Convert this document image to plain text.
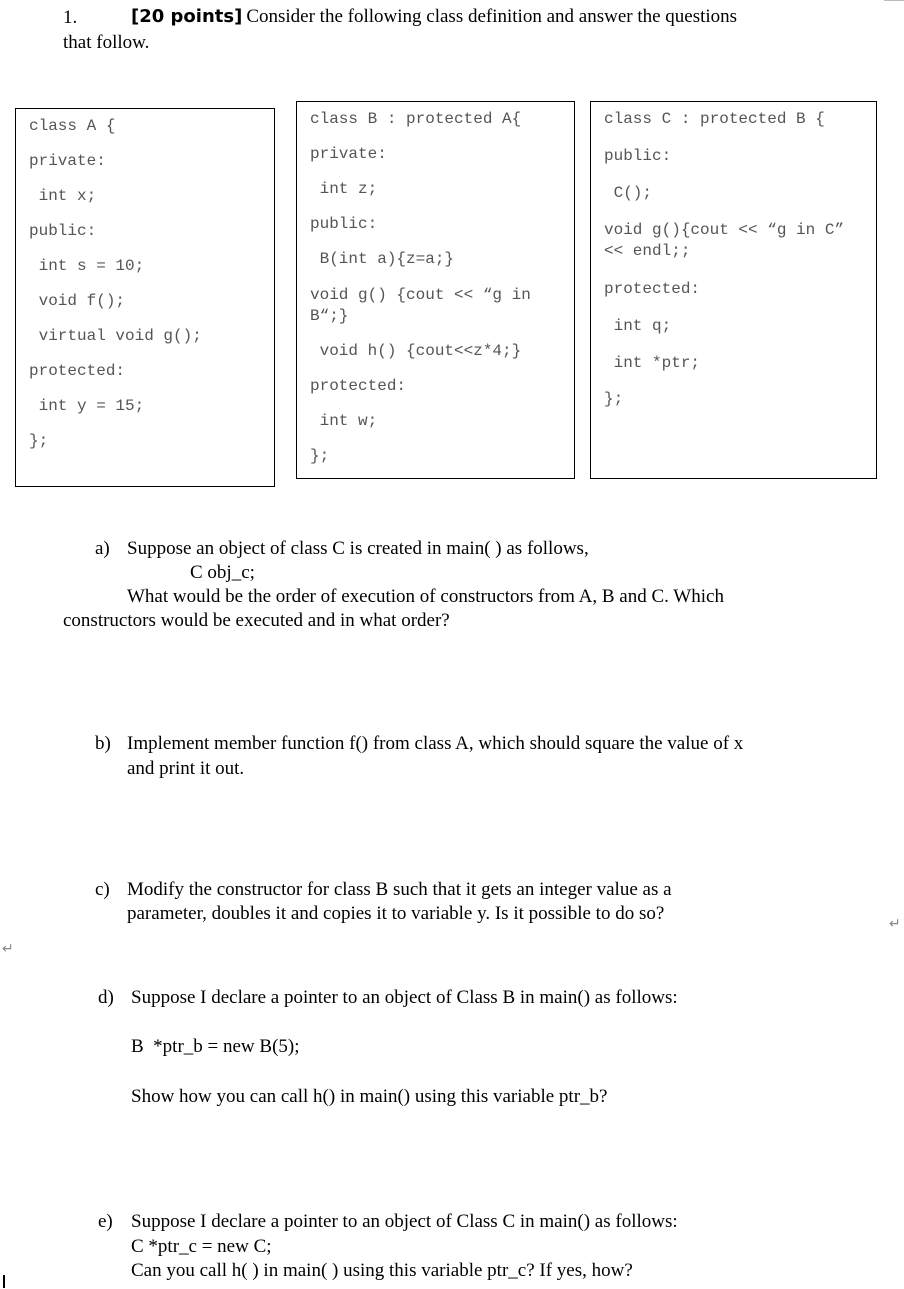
1.	[20 points] Consider the following class definition and answer the questions
that follow.
class A {
private:
int x;
public:
int s = 10;
void f();
virtual void g();
protected:
int y = 15;
};
class B : protected A{
private:
int z;
public:
B(int a){z=a;}
void g() {cout << “g in B“;}
void h() {cout<<z*4;}
protected:
int w;
};
class C : protected B {
public:
C();
void g(){cout << “g in C” << endl;;
protected:
int q;
int *ptr;
};
a) Suppose an object of class C is created in main( ) as follows,
C obj_c;
What would be the order of execution of constructors from A, B and C. Which
constructors would be executed and in what order?
b) Implement member function f() from class A, which should square the value of x
and print it out.
c) Modify the constructor for class B such that it gets an integer value as a
parameter, doubles it and copies it to variable y. Is it possible to do so?
d) Suppose I declare a pointer to an object of Class B in main() as follows:
B  *ptr_b = new B(5);
Show how you can call h() in main() using this variable ptr_b?
e) Suppose I declare a pointer to an object of Class C in main() as follows:
C *ptr_c = new C;
Can you call h( ) in main( ) using this variable ptr_c? If yes, how?
↵
↵
